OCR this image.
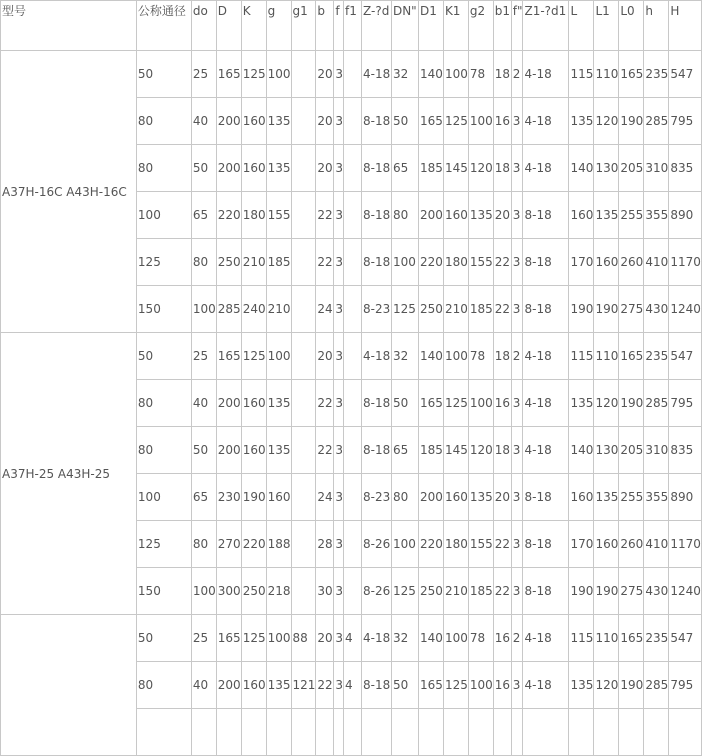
型号	公称通径	do	D	K	g	g1	b	f	f1	Z-?d	DN"	D1	K1	g2	b1	f"	Z1-?d1	L	L1	L0	h	H
A37H-16C A43H-16C	50	25	165	125	100		20	3		4-18	32	140	100	78	18	2	4-18	115	110	165	235	547
	80	40	200	160	135		20	3		8-18	50	165	125	100	16	3	4-18	135	120	190	285	795
	80	50	200	160	135		20	3		8-18	65	185	145	120	18	3	4-18	140	130	205	310	835
	100	65	220	180	155		22	3		8-18	80	200	160	135	20	3	8-18	160	135	255	355	890
	125	80	250	210	185		22	3		8-18	100	220	180	155	22	3	8-18	170	160	260	410	1170
	150	100	285	240	210		24	3		8-23	125	250	210	185	22	3	8-18	190	190	275	430	1240
A37H-25 A43H-25	50	25	165	125	100		20	3		4-18	32	140	100	78	18	2	4-18	115	110	165	235	547
	80	40	200	160	135		22	3		8-18	50	165	125	100	16	3	4-18	135	120	190	285	795
	80	50	200	160	135		22	3		8-18	65	185	145	120	18	3	4-18	140	130	205	310	835
	100	65	230	190	160		24	3		8-23	80	200	160	135	20	3	8-18	160	135	255	355	890
	125	80	270	220	188		28	3		8-26	100	220	180	155	22	3	8-18	170	160	260	410	1170
	150	100	300	250	218		30	3		8-26	125	250	210	185	22	3	8-18	190	190	275	430	1240
	50	25	165	125	100	88	20	3	4	4-18	32	140	100	78	16	2	4-18	115	110	165	235	547
	80	40	200	160	135	121	22	3	4	8-18	50	165	125	100	16	3	4-18	135	120	190	285	795
